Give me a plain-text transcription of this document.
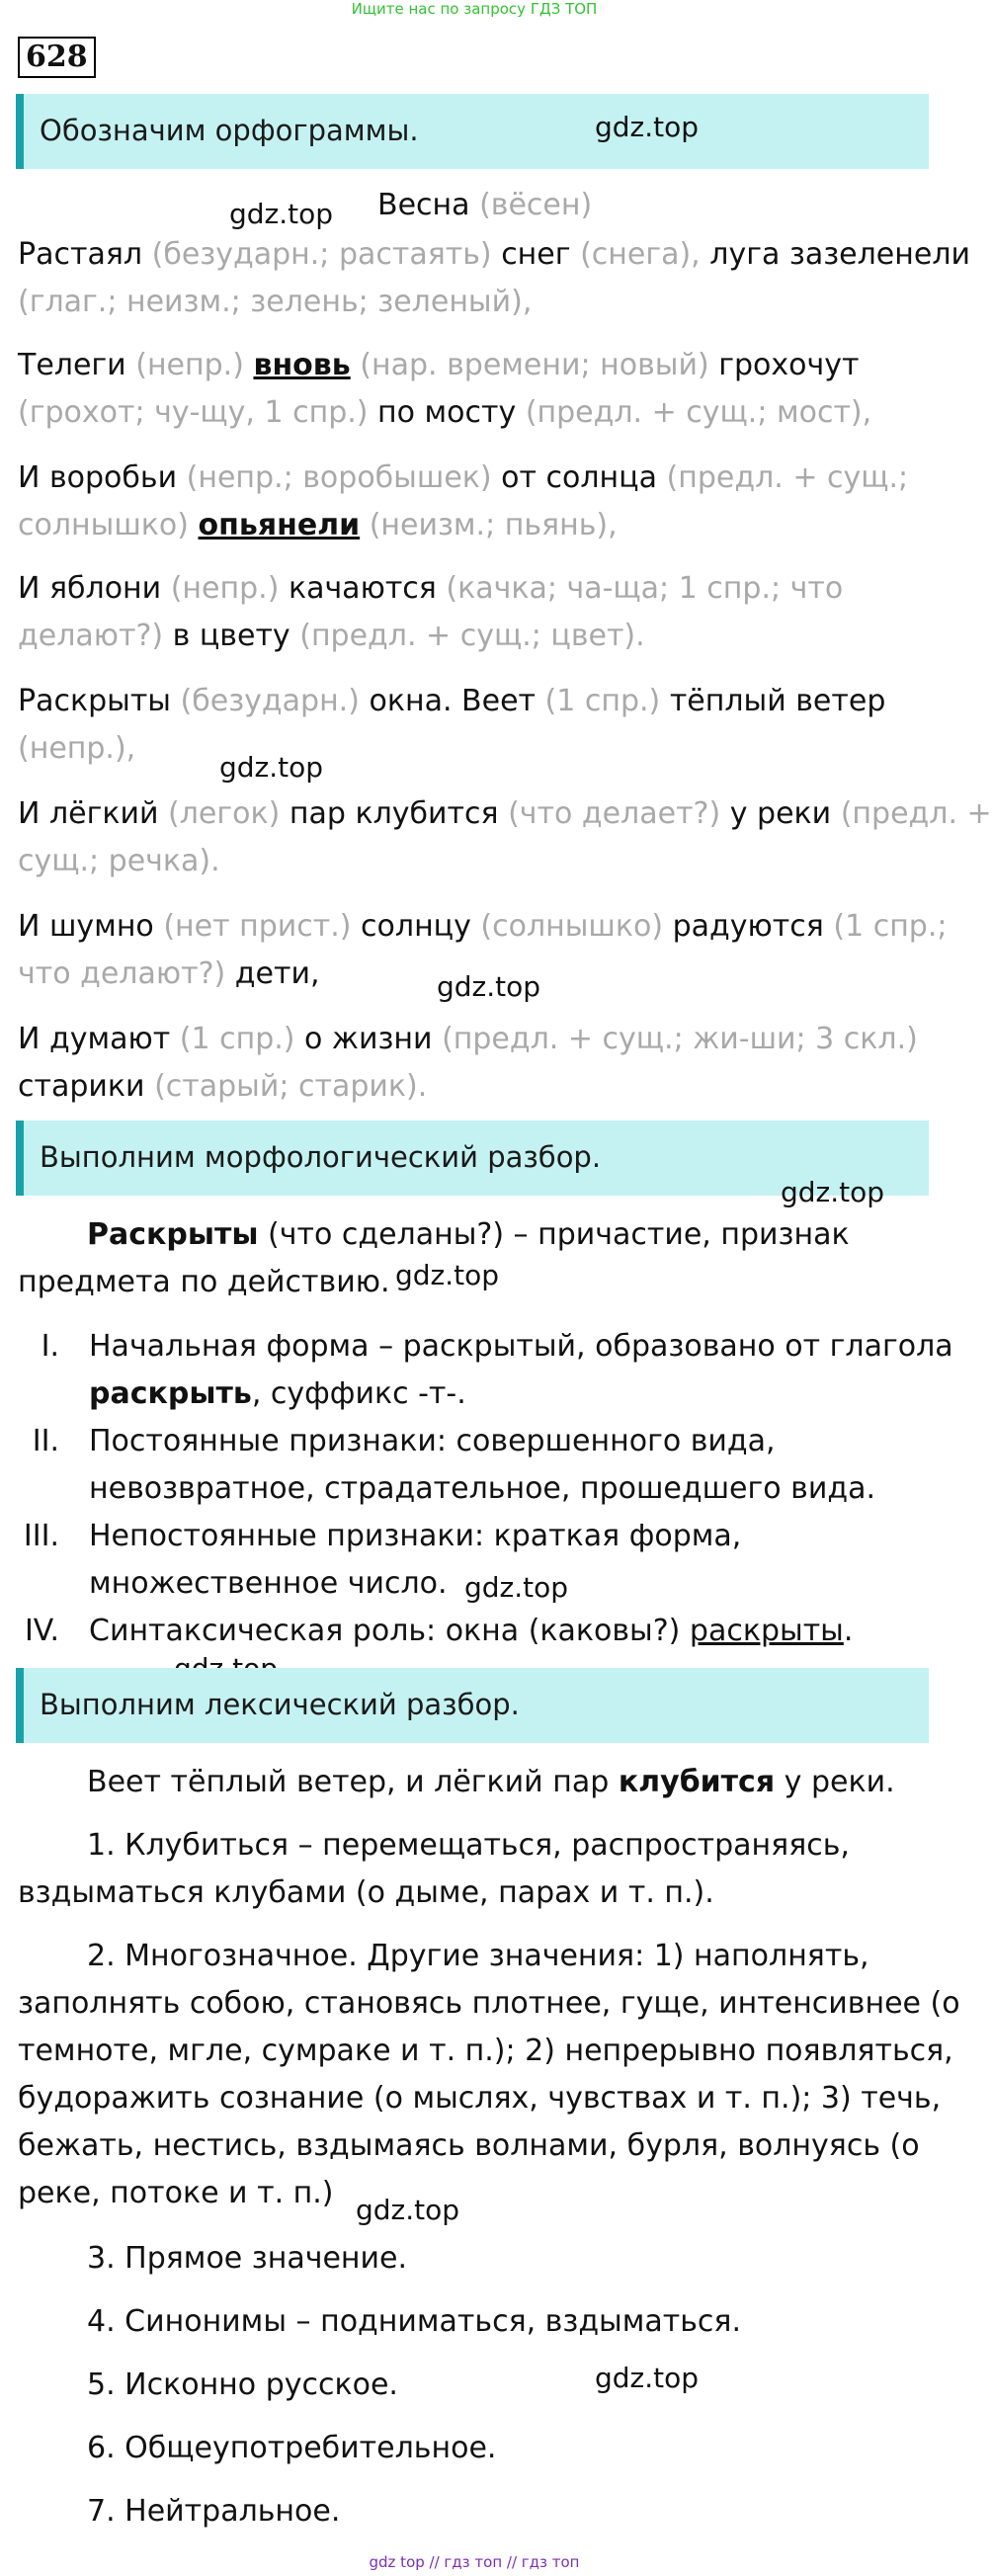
Ищите нас по запросу ГДЗ ТОП
628
Обозначим орфограммы.	gdz.top
gdz.top Весна (вёсен)
Растаял (безударн.; растаять) снег (снега), луга зазеленели
(глаг.; неизм.; зелень; зеленый),
Телеги (непр.) вновь (нар. времени; новый) грохочут
(грохот; чу-щу, 1 спр.) по мосту (предл. + сущ.; мост),
И воробьи (непр.; воробышек) от солнца (предл. + сущ.;
солнышко) опьянели (неизм.; пьянь),
И яблони (непр.) качаются (качка; ча-ща; 1 спр.; что
делают?) в цвету (предл. + сущ.; цвет).
Раскрыты (безударн.) окна. Веет (1 спр.) тёплый ветер
(непр.),
gdz.top
И лёгкий (легок) пар клубится (что делает?) у реки (предл. +
сущ.; речка).
И шумно (нет прист.) солнцу (солнышко) радуются (1 спр.;
что делают?) дети,	gdz.top
И думают (1 спр.) о жизни (предл. + сущ.; жи-ши; 3 скл.)
старики (старый; старик).
Выполним морфологический разбор.
gdz.top
Раскрыты (что сделаны?) – причастие, признак
предмета по действию. gdz.top
I. Начальная форма – раскрытый, образовано от глагола
раскрыть, суффикс -т-.
II. Постоянные признаки: совершенного вида,
невозвратное, страдательное, прошедшего вида.
III. Непостоянные признаки: краткая форма,
множественное число. gdz.top
IV. Синтаксическая роль: окна (каковы?) раскрыты.
Выполним лексический разбор.
Веет тёплый ветер, и лёгкий пар клубится у реки.
1. Клубиться – перемещаться, распространяясь,
вздыматься клубами (о дыме, парах и т. п.).
2. Многозначное. Другие значения: 1) наполнять,
заполнять собою, становясь плотнее, гуще, интенсивнее (о
темноте, мгле, сумраке и т. п.); 2) непрерывно появляться,
будоражить сознание (о мыслях, чувствах и т. п.); 3) течь,
бежать, нестись, вздымаясь волнами, бурля, волнуясь (о
реке, потоке и т. п.) gdz.top
3. Прямое значение.
4. Синонимы – подниматься, вздыматься.
5. Исконно русское.	gdz.top
6. Общеупотребительное.
7. Нейтральное.
gdz top // гдз топ // гдз топ
